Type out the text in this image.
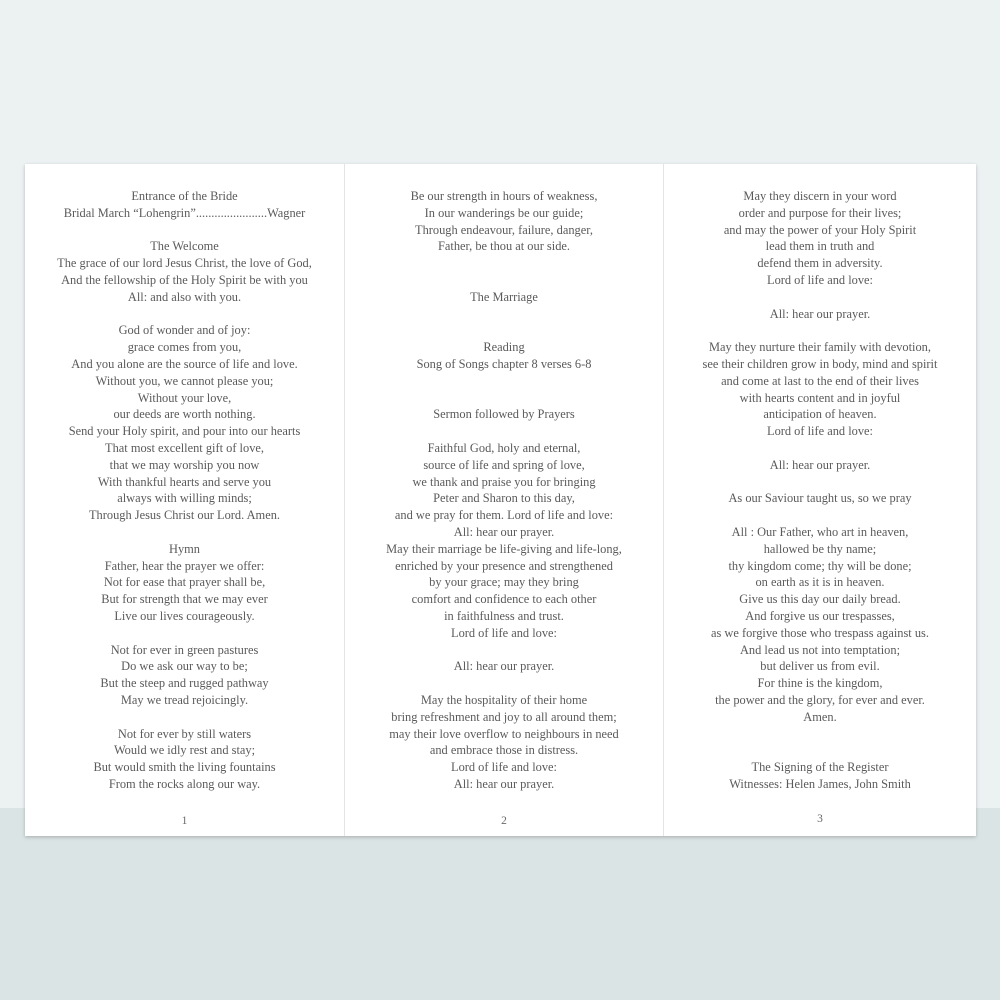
Entrance of the Bride
Bridal March “Lohengrin”.......................Wagner
The Welcome
The grace of our lord Jesus Christ, the love of God,
And the fellowship of the Holy Spirit be with you
All: and also with you.
God of wonder and of joy:
grace comes from you,
And you alone are the source of life and love.
Without you, we cannot please you;
Without your love,
our deeds are worth nothing.
Send your Holy spirit, and pour into our hearts
That most excellent gift of love,
that we may worship you now
With thankful hearts and serve you
always with willing minds;
Through Jesus Christ our Lord. Amen.
Hymn
Father, hear the prayer we offer:
Not for ease that prayer shall be,
But for strength that we may ever
Live our lives courageously.
Not for ever in green pastures
Do we ask our way to be;
But the steep and rugged pathway
May we tread rejoicingly.
Not for ever by still waters
Would we idly rest and stay;
But would smith the living fountains
From the rocks along our way.
1
Be our strength in hours of weakness,
In our wanderings be our guide;
Through endeavour, failure, danger,
Father, be thou at our side.
The Marriage
Reading
Song of Songs chapter 8 verses 6-8
Sermon followed by Prayers
Faithful God, holy and eternal,
source of life and spring of love,
we thank and praise you for bringing
Peter and Sharon to this day,
and we pray for them. Lord of life and love:
All: hear our prayer.
May their marriage be life-giving and life-long,
enriched by your presence and strengthened
by your grace; may they bring
comfort and confidence to each other
in faithfulness and trust.
Lord of life and love:
All: hear our prayer.
May the hospitality of their home
bring refreshment and joy to all around them;
may their love overflow to neighbours in need
and embrace those in distress.
Lord of life and love:
All: hear our prayer.
2
May they discern in your word
order and purpose for their lives;
and may the power of your Holy Spirit
lead them in truth and
defend them in adversity.
Lord of life and love:
All: hear our prayer.
May they nurture their family with devotion,
see their children grow in body, mind and spirit
and come at last to the end of their lives
with hearts content and in joyful
anticipation of heaven.
Lord of life and love:
All: hear our prayer.
As our Saviour taught us, so we pray
All : Our Father, who art in heaven,
hallowed be thy name;
thy kingdom come; thy will be done;
on earth as it is in heaven.
Give us this day our daily bread.
And forgive us our trespasses,
as we forgive those who trespass against us.
And lead us not into temptation;
but deliver us from evil.
For thine is the kingdom,
the power and the glory, for ever and ever.
Amen.
The Signing of the Register
Witnesses: Helen James, John Smith
3
